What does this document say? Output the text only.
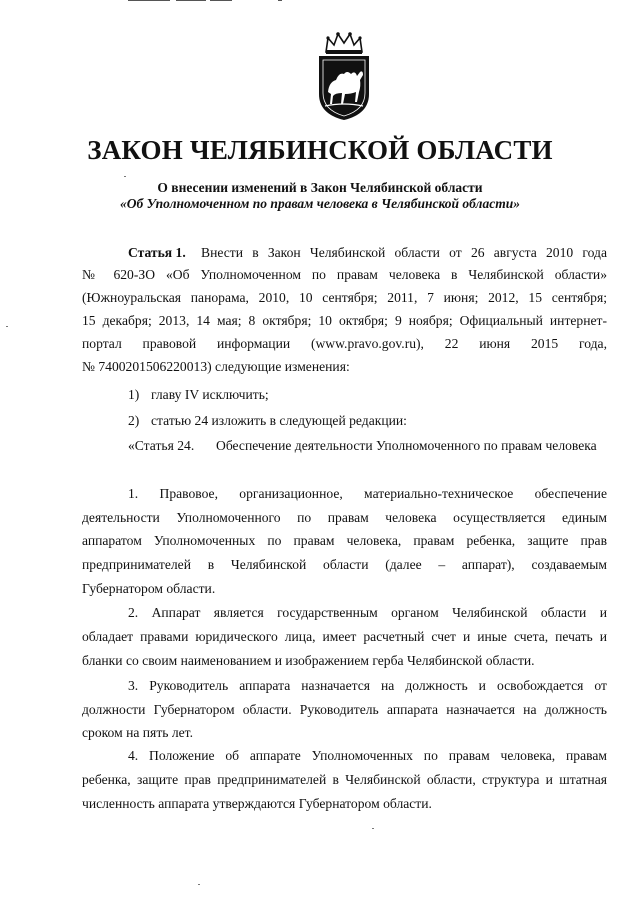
ЗАКОН ЧЕЛЯБИНСКОЙ ОБЛАСТИ
О внесении изменений в Закон Челябинской области
«Об Уполномоченном по правам человека в Челябинской области»
Статья 1. Внести в Закон Челябинской области от 26 августа 2010 года
№ 620-ЗО «Об Уполномоченном по правам человека в Челябинской области»
(Южноуральская панорама, 2010, 10 сентября; 2011, 7 июня; 2012, 15 сентября;
15 декабря; 2013, 14 мая; 8 октября; 10 октября; 9 ноября; Официальный интернет-
портал правовой информации (www.pravo.gov.ru), 22 июня 2015 года,
№ 7400201506220013) следующие изменения:
1) главу IV исключить;
2) статью 24 изложить в следующей редакции:
«Статья 24. Обеспечение деятельности Уполномоченного по правам человека
1. Правовое, организационное, материально-техническое обеспечение
деятельности Уполномоченного по правам человека осуществляется единым
аппаратом Уполномоченных по правам человека, правам ребенка, защите прав
предпринимателей в Челябинской области (далее – аппарат), создаваемым
Губернатором области.
2. Аппарат является государственным органом Челябинской области и
обладает правами юридического лица, имеет расчетный счет и иные счета, печать и
бланки со своим наименованием и изображением герба Челябинской области.
3. Руководитель аппарата назначается на должность и освобождается от
должности Губернатором области. Руководитель аппарата назначается на должность
сроком на пять лет.
4. Положение об аппарате Уполномоченных по правам человека, правам
ребенка, защите прав предпринимателей в Челябинской области, структура и штатная
численность аппарата утверждаются Губернатором области.
